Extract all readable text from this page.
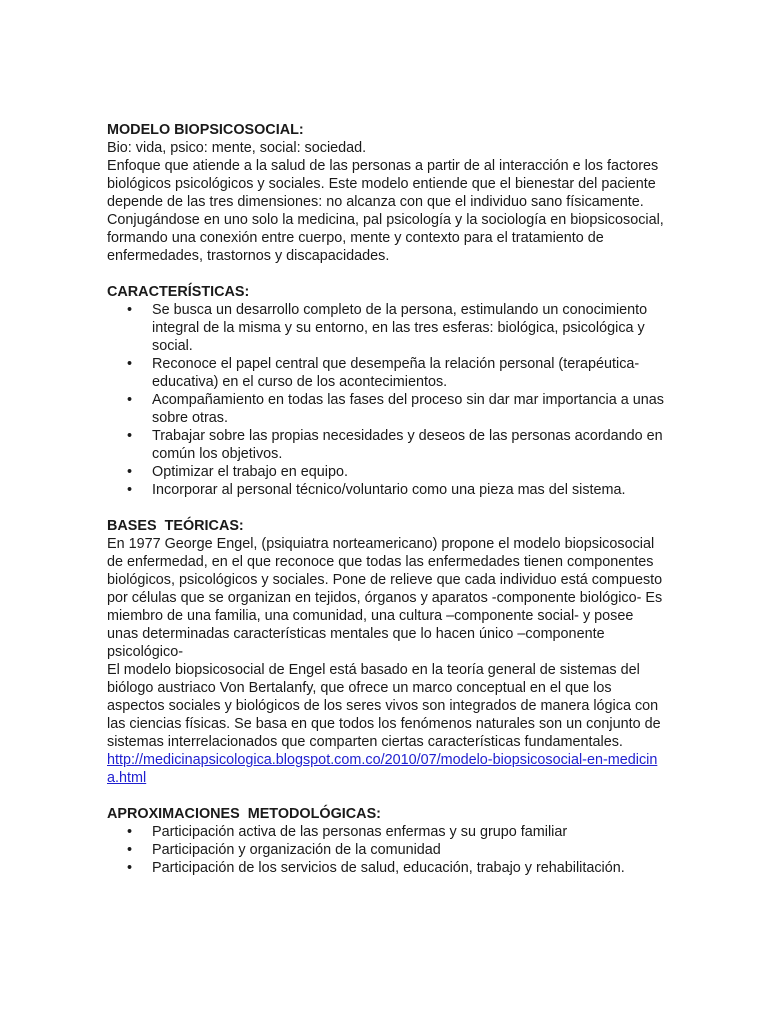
MODELO BIOPSICOSOCIAL:

Bio: vida, psico: mente, social: sociedad.

Enfoque que atiende a la salud de las personas a partir de al interacción e los factores biológicos psicológicos y sociales. Este modelo entiende que el bienestar del paciente depende de las tres dimensiones: no alcanza con que el individuo sano físicamente.

Conjugándose en uno solo la medicina, pal psicología y la sociología en biopsicosocial, formando una conexión entre cuerpo, mente y contexto para el tratamiento de enfermedades, trastornos y discapacidades.

CARACTERÍSTICAS:
• Se busca un desarrollo completo de la persona, estimulando un conocimiento integral de la misma y su entorno, en las tres esferas: biológica, psicológica y social.
• Reconoce el papel central que desempeña la relación personal (terapéutica-educativa) en el curso de los acontecimientos.
• Acompañamiento en todas las fases del proceso sin dar mar importancia a unas sobre otras.
• Trabajar sobre las propias necesidades y deseos de las personas acordando en común los objetivos.
• Optimizar el trabajo en equipo.
• Incorporar al personal técnico/voluntario como una pieza mas del sistema.
BASES  TEÓRICAS:

En 1977 George Engel, (psiquiatra norteamericano) propone el modelo biopsicosocial de enfermedad, en el que reconoce que todas las enfermedades tienen componentes biológicos, psicológicos y sociales. Pone de relieve que cada individuo está compuesto por células que se organizan en tejidos, órganos y aparatos -componente biológico- Es miembro de una familia, una comunidad, una cultura –componente social- y posee unas determinadas características mentales que lo hacen único –componente psicológico-

El modelo biopsicosocial de Engel está basado en la teoría general de sistemas del biólogo austriaco Von Bertalanfy, que ofrece un marco conceptual en el que los aspectos sociales y biológicos de los seres vivos son integrados de manera lógica con las ciencias físicas. Se basa en que todos los fenómenos naturales son un conjunto de sistemas interrelacionados que comparten ciertas características fundamentales.

http://medicinapsicologica.blogspot.com.co/2010/07/modelo-biopsicosocial-en-medicina.html

APROXIMACIONES  METODOLÓGICAS:
• Participación activa de las personas enfermas y su grupo familiar
• Participación y organización de la comunidad
• Participación de los servicios de salud, educación, trabajo y rehabilitación.
